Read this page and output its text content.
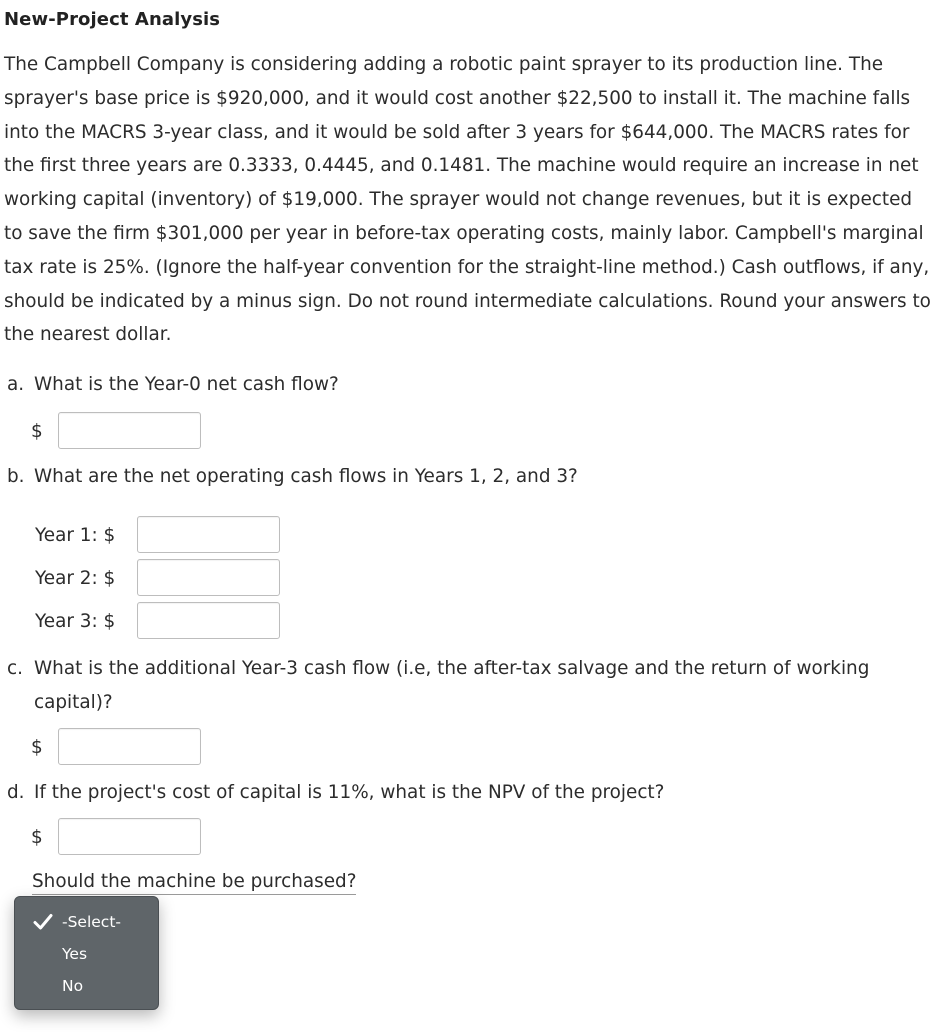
New-Project Analysis
The Campbell Company is considering adding a robotic paint sprayer to its production line. The sprayer's base price is $920,000, and it would cost another $22,500 to install it. The machine falls into the MACRS 3-year class, and it would be sold after 3 years for $644,000. The MACRS rates for the first three years are 0.3333, 0.4445, and 0.1481. The machine would require an increase in net working capital (inventory) of $19,000. The sprayer would not change revenues, but it is expected to save the firm $301,000 per year in before-tax operating costs, mainly labor. Campbell's marginal tax rate is 25%. (Ignore the half-year convention for the straight-line method.) Cash outflows, if any, should be indicated by a minus sign. Do not round intermediate calculations. Round your answers to the nearest dollar.
a. What is the Year-0 net cash flow?
$
b. What are the net operating cash flows in Years 1, 2, and 3?
Year 1: $
Year 2: $
Year 3: $
c. What is the additional Year-3 cash flow (i.e, the after-tax salvage and the return of working
capital)?
$
d. If the project's cost of capital is 11%, what is the NPV of the project?
$
Should the machine be purchased?
-Select-
Yes
No
